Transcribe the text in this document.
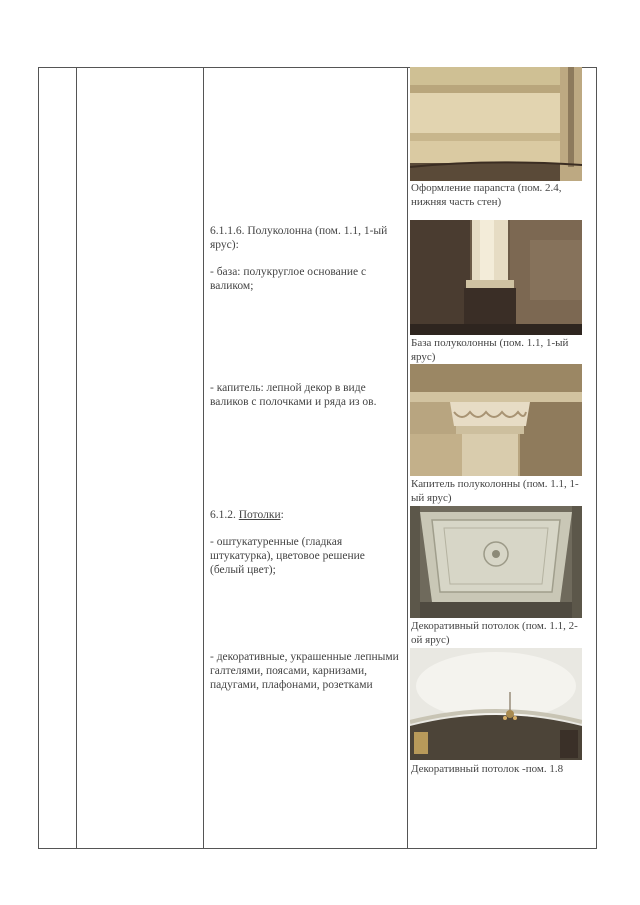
6.1.1.6. Полуколонна (пом. 1.1, 1-ый ярус):
- база: полукруглое основание с валиком;
- капитель: лепной декор в виде валиков с полочками и ряда из ов.
6.1.2. Потолки:
- оштукатуренные (гладкая штукатурка), цветовое решение (белый цвет);
- декоративные, украшенные лепными галтелями, поясами, карнизами, падугами, плафонами, розетками
Оформление параnста (пом. 2.4, нижняя часть стен)
База полуколонны (пом. 1.1, 1-ый ярус)
Капитель полуколонны (пом. 1.1, 1-ый ярус)
Декоративный потолок (пом. 1.1, 2-ой ярус)
Декоративный потолок -пом. 1.8
